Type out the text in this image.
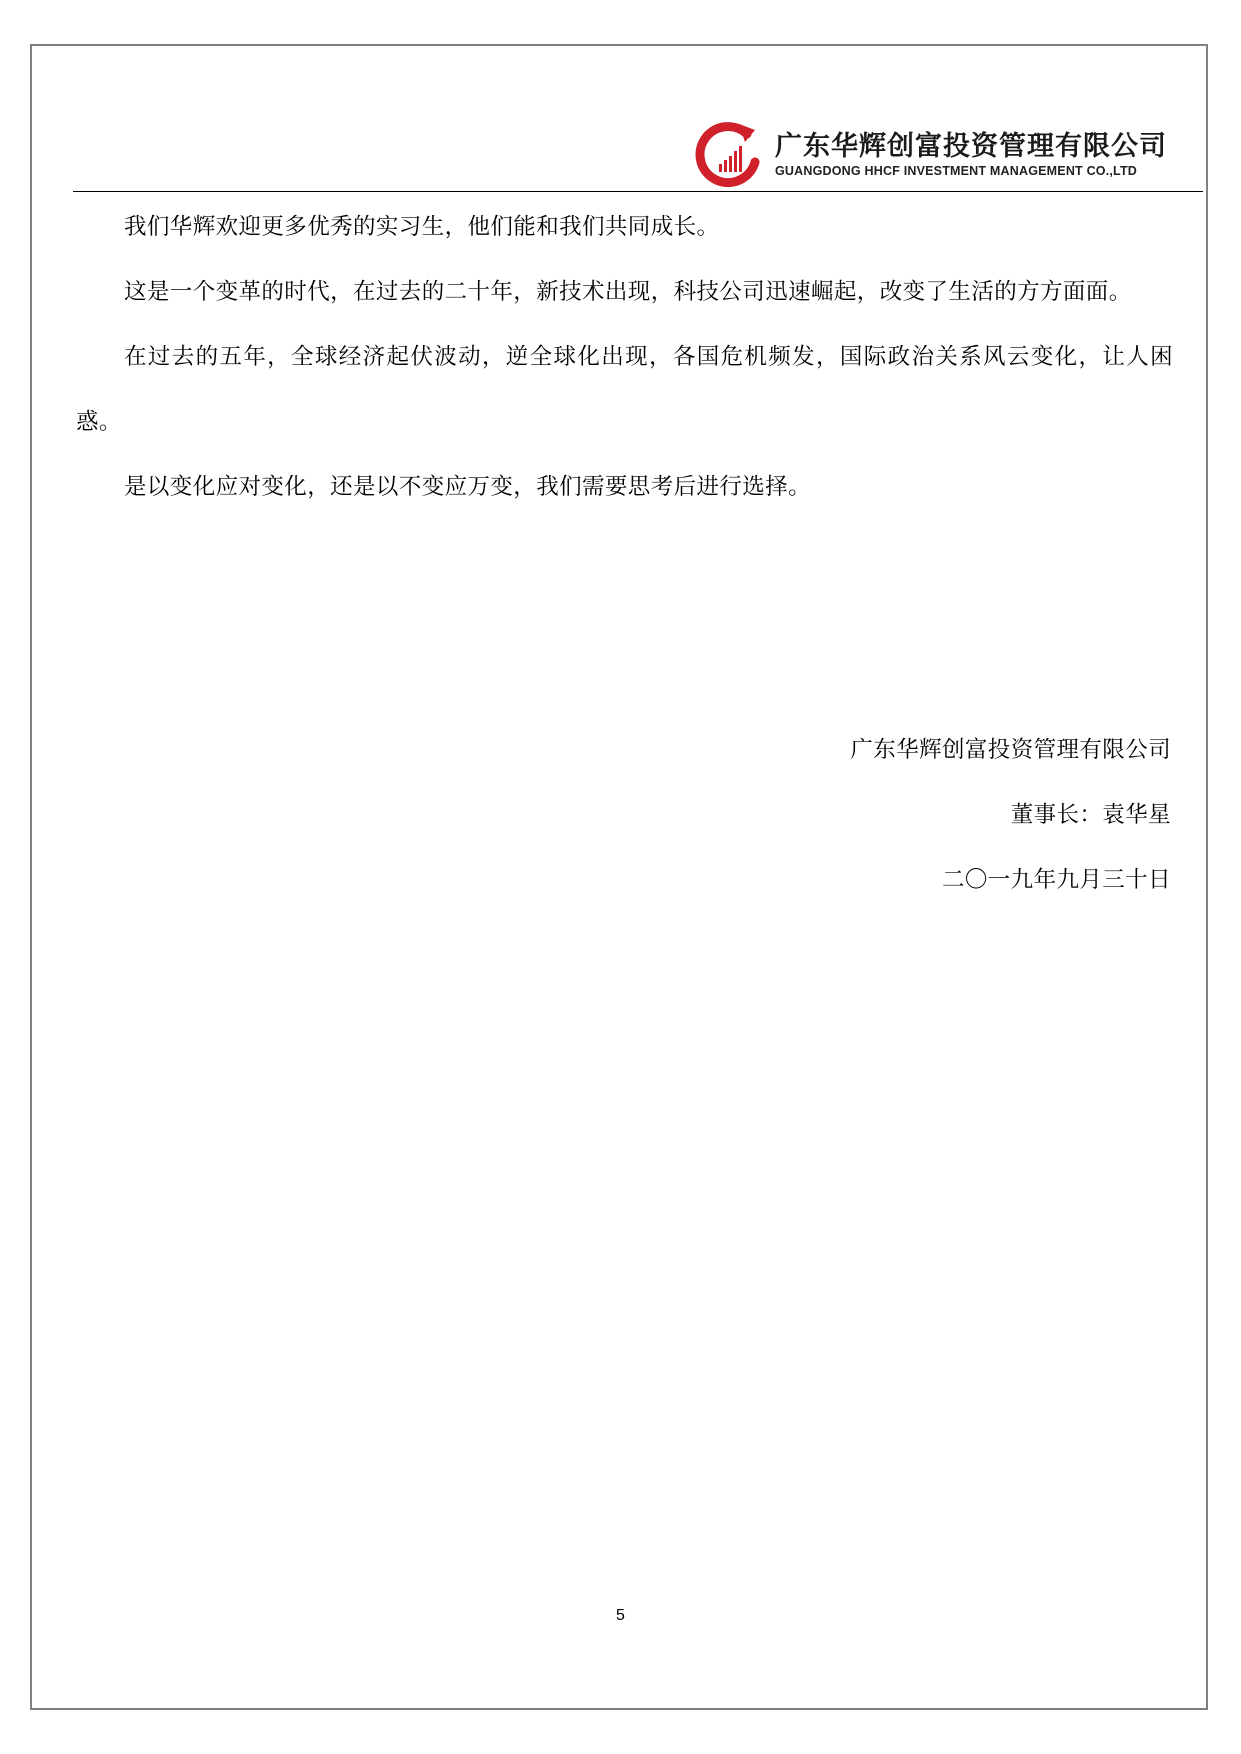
广东华辉创富投资管理有限公司
GUANGDONG HHCF INVESTMENT MANAGEMENT CO.,LTD

我们华辉欢迎更多优秀的实习生，他们能和我们共同成长。

这是一个变革的时代，在过去的二十年，新技术出现，科技公司迅速崛起，改变了生活的方方面面。

在过去的五年，全球经济起伏波动，逆全球化出现，各国危机频发，国际政治关系风云变化，让人困惑。

是以变化应对变化，还是以不变应万变，我们需要思考后进行选择。

广东华辉创富投资管理有限公司
董事长：袁华星
二〇一九年九月三十日
5
